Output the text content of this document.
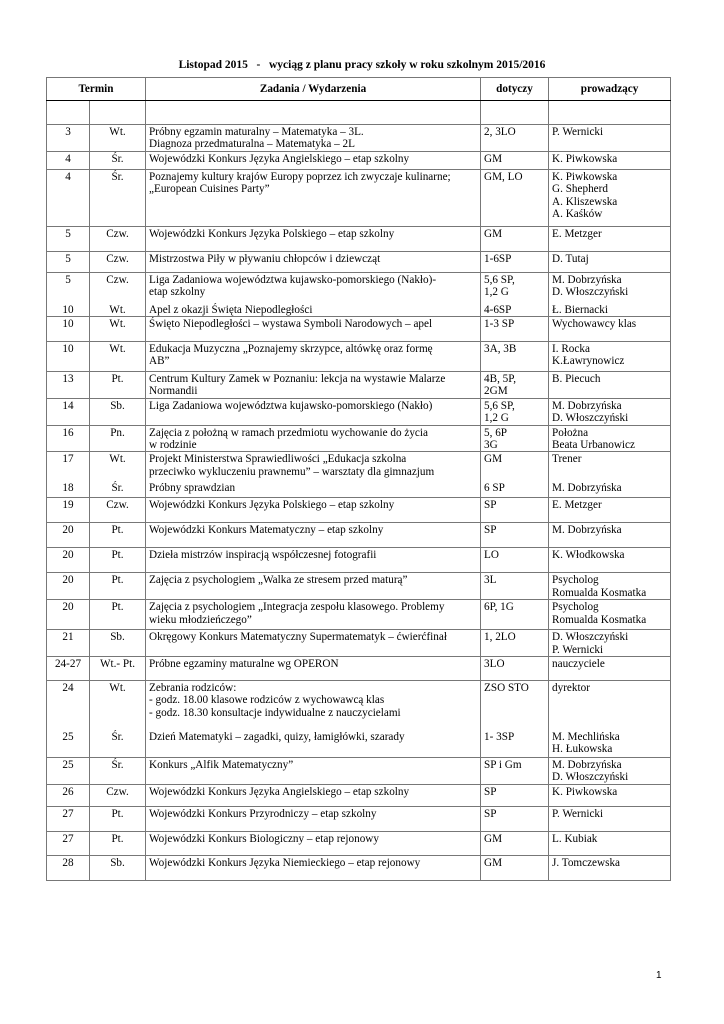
Listopad 2015   -   wyciąg z planu pracy szkoły w roku szkolnym 2015/2016
Termin		Zadania / Wydarzenia	dotyczy	prowadzący

3	Wt.	Próbny egzamin maturalny – Matematyka – 3L.
Diagnoza przedmaturalna – Matematyka – 2L	2, 3LO	P. Wernicki

4	Śr.	Wojewódzki Konkurs Języka Angielskiego – etap szkolny	GM	K. Piwkowska

4	Śr.	Poznajemy kultury krajów Europy poprzez ich zwyczaje kulinarne;
„European Cuisines Party”	GM, LO	K. Piwkowska
G. Shepherd
A. Kliszewska
A. Kaśków

5	Czw.	Wojewódzki Konkurs Języka Polskiego – etap szkolny	GM	E. Metzger

5	Czw.	Mistrzostwa Piły w pływaniu chłopców i dziewcząt	1-6SP	D. Tutaj

5	Czw.	Liga Zadaniowa województwa kujawsko-pomorskiego (Nakło)-
etap szkolny	5,6 SP,
1,2 G	M. Dobrzyńska
D. Włoszczyński

10	Wt.	Apel z okazji Święta Niepodległości	4-6SP	Ł. Biernacki

10	Wt.	Święto Niepodległości – wystawa Symboli Narodowych – apel	1-3 SP	Wychowawcy klas

10	Wt.	Edukacja Muzyczna „Poznajemy skrzypce, altówkę oraz formę
AB”	3A, 3B	I. Rocka
K.Ławrynowicz

13	Pt.	Centrum Kultury Zamek w Poznaniu: lekcja na wystawie Malarze
Normandii	4B, 5P,
2GM	B. Piecuch

14	Sb.	Liga Zadaniowa województwa kujawsko-pomorskiego (Nakło)	5,6 SP,
1,2 G	M. Dobrzyńska
D. Włoszczyński

16	Pn.	Zajęcia z położną w ramach przedmiotu wychowanie do życia
w rodzinie	5, 6P
3G	Położna
Beata Urbanowicz

17	Wt.	Projekt Ministerstwa Sprawiedliwości „Edukacja szkolna
przeciwko wykluczeniu prawnemu” – warsztaty dla gimnazjum	GM	Trener

18	Śr.	Próbny sprawdzian	6 SP	M. Dobrzyńska

19	Czw.	Wojewódzki Konkurs Języka Polskiego – etap szkolny	SP	E. Metzger

20	Pt.	Wojewódzki Konkurs Matematyczny – etap szkolny	SP	M. Dobrzyńska

20	Pt.	Dzieła mistrzów inspiracją współczesnej fotografii	LO	K. Włodkowska

20	Pt.	Zajęcia z psychologiem „Walka ze stresem przed maturą”	3L	Psycholog
Romualda Kosmatka

20	Pt.	Zajęcia z psychologiem „Integracja zespołu klasowego. Problemy
wieku młodzieńczego”	6P, 1G	Psycholog
Romualda Kosmatka

21	Sb.	Okręgowy Konkurs Matematyczny Supermatematyk – ćwierćfinał	1, 2LO	D. Włoszczyński
P. Wernicki

24-27	Wt.- Pt.	Próbne egzaminy maturalne wg OPERON	3LO	nauczyciele

24	Wt.	Zebrania rodziców:
- godz. 18.00 klasowe rodziców z wychowawcą klas
- godz. 18.30 konsultacje indywidualne z nauczycielami	ZSO STO	dyrektor

25	Śr.	Dzień Matematyki – zagadki, quizy, łamigłówki, szarady	1- 3SP	M. Mechlińska
H. Łukowska

25	Śr.	Konkurs „Alfik Matematyczny”	SP i Gm	M. Dobrzyńska
D. Włoszczyński

26	Czw.	Wojewódzki Konkurs Języka Angielskiego – etap szkolny	SP	K. Piwkowska

27	Pt.	Wojewódzki Konkurs Przyrodniczy – etap szkolny	SP	P. Wernicki

27	Pt.	Wojewódzki Konkurs Biologiczny – etap rejonowy	GM	L. Kubiak

28	Sb.	Wojewódzki Konkurs Języka Niemieckiego – etap rejonowy	GM	J. Tomczewska
1
